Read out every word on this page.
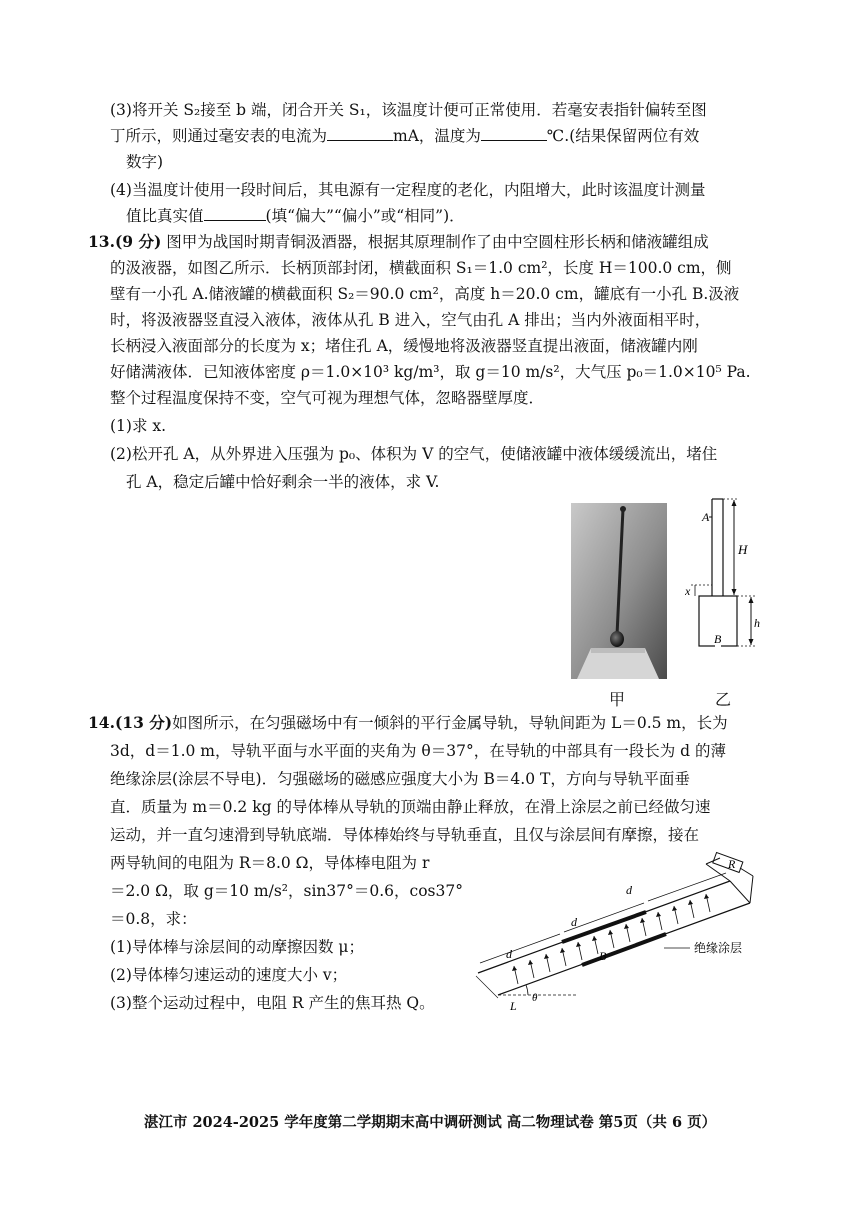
(3)将开关 S₂接至 b 端，闭合开关 S₁，该温度计便可正常使用．若毫安表指针偏转至图
丁所示，则通过毫安表的电流为	mA，温度为	℃.(结果保留两位有效
数字)
(4)当温度计使用一段时间后，其电源有一定程度的老化，内阻增大，此时该温度计测量
值比真实值	(填“偏大”“偏小”或“相同”)．
13.(9 分) 图甲为战国时期青铜汲酒器，根据其原理制作了由中空圆柱形长柄和储液罐组成
的汲液器，如图乙所示．长柄顶部封闭，横截面积 S₁＝1.0 cm²，长度 H＝100.0 cm，侧
壁有一小孔 A.储液罐的横截面积 S₂＝90.0 cm²，高度 h＝20.0 cm，罐底有一小孔 B.汲液
时，将汲液器竖直浸入液体，液体从孔 B 进入，空气由孔 A 排出；当内外液面相平时，
长柄浸入液面部分的长度为 x；堵住孔 A，缓慢地将汲液器竖直提出液面，储液罐内刚
好储满液体．已知液体密度 ρ＝1.0×10³ kg/m³，取 g＝10 m/s²，大气压 p₀＝1.0×10⁵ Pa.
整个过程温度保持不变，空气可视为理想气体，忽略器壁厚度．
(1)求 x.
(2)松开孔 A，从外界进入压强为 p₀、体积为 V 的空气，使储液罐中液体缓缓流出，堵住
孔 A，稳定后罐中恰好剩余一半的液体，求 V.
甲
A
H
x
h
B
乙
14.(13 分)如图所示，在匀强磁场中有一倾斜的平行金属导轨，导轨间距为 L＝0.5 m，长为
3d，d＝1.0 m，导轨平面与水平面的夹角为 θ＝37°，在导轨的中部具有一段长为 d 的薄
绝缘涂层(涂层不导电)．匀强磁场的磁感应强度大小为 B＝4.0 T，方向与导轨平面垂
直．质量为 m＝0.2 kg 的导体棒从导轨的顶端由静止释放，在滑上涂层之前已经做匀速
运动，并一直匀速滑到导轨底端．导体棒始终与导轨垂直，且仅与涂层间有摩擦，接在
两导轨间的电阻为 R＝8.0 Ω，导体棒电阻为 r
＝2.0 Ω，取 g＝10 m/s²，sin37°＝0.6，cos37°
＝0.8，求：
(1)导体棒与涂层间的动摩擦因数 μ；
(2)导体棒匀速运动的速度大小 v；
(3)整个运动过程中，电阻 R 产生的焦耳热 Q。
d
d
d
R
B
绝缘涂层
L
θ
湛江市 2024-2025 学年度第二学期期末高中调研测试 高二物理试卷 第5页（共 6 页）
